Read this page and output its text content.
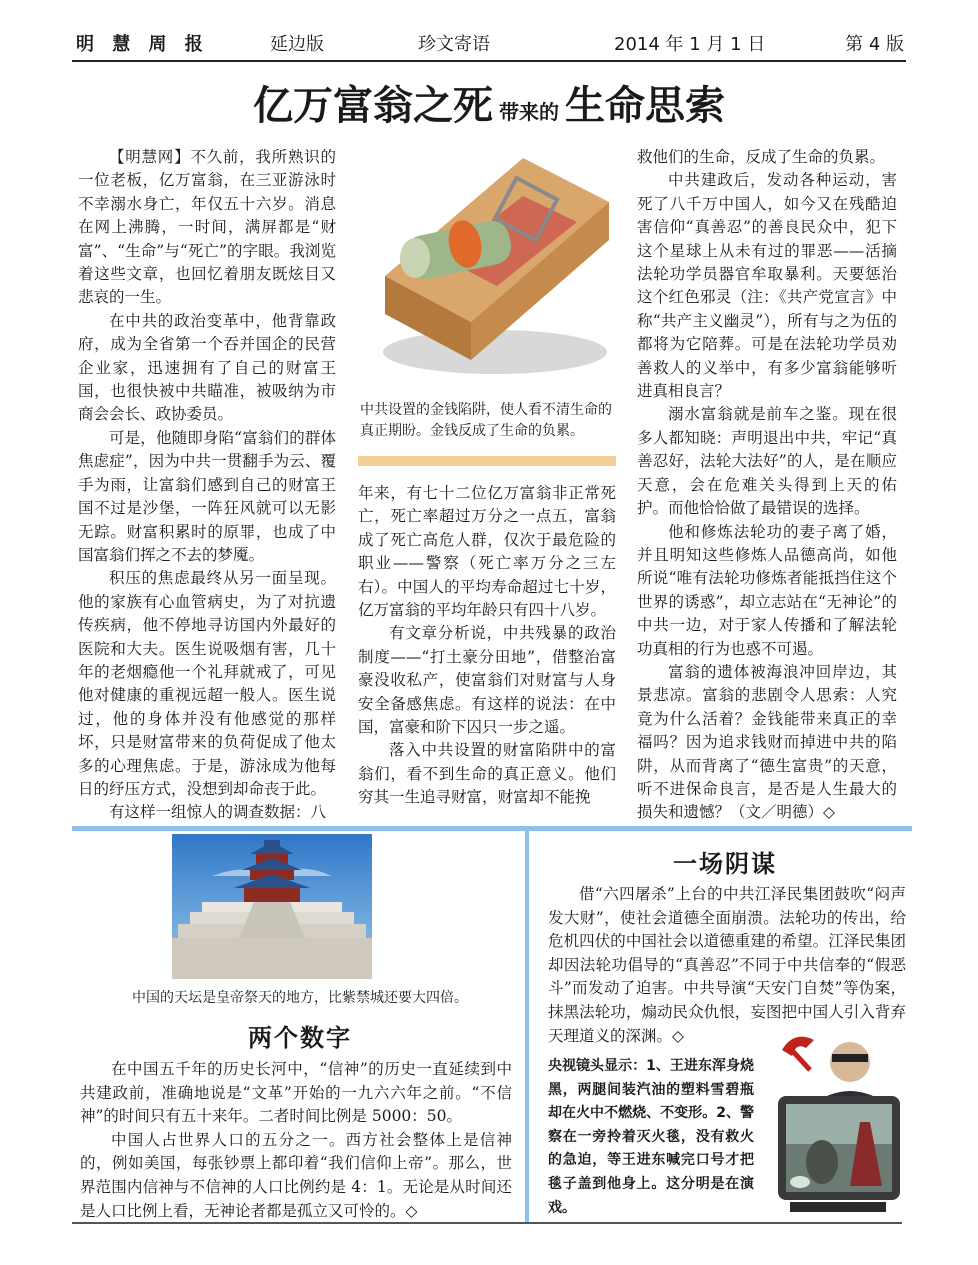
明 慧 周 报	延边版	珍文寄语	2014 年 1 月 1 日	第 4 版
亿万富翁之死 带来的 生命思索

【明慧网】不久前，我所熟识的一位老板，亿万富翁，在三亚游泳时不幸溺水身亡，年仅五十六岁。消息在网上沸腾，一时间，满屏都是“财富”、“生命”与“死亡”的字眼。我浏览着这些文章，也回忆着朋友既炫目又悲哀的一生。

在中共的政治变革中，他背靠政府，成为全省第一个吞并国企的民营企业家，迅速拥有了自己的财富王国，也很快被中共瞄准，被吸纳为市商会会长、政协委员。

可是，他随即身陷“富翁们的群体焦虑症”，因为中共一贯翻手为云、覆手为雨，让富翁们感到自己的财富王国不过是沙堡，一阵狂风就可以无影无踪。财富积累时的原罪，也成了中国富翁们挥之不去的梦魇。

积压的焦虑最终从另一面呈现。他的家族有心血管病史，为了对抗遗传疾病，他不停地寻访国内外最好的医院和大夫。医生说吸烟有害，几十年的老烟瘾他一个礼拜就戒了，可见他对健康的重视远超一般人。医生说过，他的身体并没有他感觉的那样坏，只是财富带来的负荷促成了他太多的心理焦虑。于是，游泳成为他每日的纾压方式，没想到却命丧于此。

有这样一组惊人的调查数据：八

中共设置的金钱陷阱，使人看不清生命的真正期盼。金钱反成了生命的负累。

年来，有七十二位亿万富翁非正常死亡，死亡率超过万分之一点五，富翁成了死亡高危人群，仅次于最危险的职业——警察（死亡率万分之三左右）。中国人的平均寿命超过七十岁，亿万富翁的平均年龄只有四十八岁。

有文章分析说，中共残暴的政治制度——“打土豪分田地”，借整治富豪没收私产，使富翁们对财富与人身安全备感焦虑。有这样的说法：在中国，富豪和阶下囚只一步之遥。

落入中共设置的财富陷阱中的富翁们，看不到生命的真正意义。他们穷其一生追寻财富，财富却不能挽

救他们的生命，反成了生命的负累。

中共建政后，发动各种运动，害死了八千万中国人，如今又在残酷迫害信仰“真善忍”的善良民众中，犯下这个星球上从未有过的罪恶——活摘法轮功学员器官牟取暴利。天要惩治这个红色邪灵（注：《共产党宣言》中称“共产主义幽灵”），所有与之为伍的都将为它陪葬。可是在法轮功学员劝善救人的义举中，有多少富翁能够听进真相良言？

溺水富翁就是前车之鉴。现在很多人都知晓：声明退出中共，牢记“真善忍好，法轮大法好”的人，是在顺应天意，会在危难关头得到上天的佑护。而他恰恰做了最错误的选择。

他和修炼法轮功的妻子离了婚，并且明知这些修炼人品德高尚，如他所说“唯有法轮功修炼者能抵挡住这个世界的诱惑”，却立志站在“无神论”的中共一边，对于家人传播和了解法轮功真相的行为也惑不可遏。

富翁的遗体被海浪冲回岸边，其景悲凉。富翁的悲剧令人思索：人究竟为什么活着？金钱能带来真正的幸福吗？因为追求钱财而掉进中共的陷阱，从而背离了“德生富贵”的天意，听不进保命良言，是否是人生最大的损失和遗憾？（文／明德）◇

中国的天坛是皇帝祭天的地方，比紫禁城还要大四倍。
两个数字

在中国五千年的历史长河中，“信神”的历史一直延续到中共建政前，准确地说是“文革”开始的一九六六年之前。“不信神”的时间只有五十来年。二者时间比例是 5000：50。

中国人占世界人口的五分之一。西方社会整体上是信神的，例如美国，每张钞票上都印着“我们信仰上帝”。那么，世界范围内信神与不信神的人口比例约是 4：1。无论是从时间还是人口比例上看，无神论者都是孤立又可怜的。◇

一场阴谋

借“六四屠杀”上台的中共江泽民集团鼓吹“闷声发大财”，使社会道德全面崩溃。法轮功的传出，给危机四伏的中国社会以道德重建的希望。江泽民集团却因法轮功倡导的“真善忍”不同于中共信奉的“假恶斗”而发动了迫害。中共导演“天安门自焚”等伪案，抹黑法轮功，煽动民众仇恨，妄图把中国人引入背弃天理道义的深渊。◇

央视镜头显示：1、王进东浑身烧黑，两腿间装汽油的塑料雪碧瓶却在火中不燃烧、不变形。2、警察在一旁拎着灭火毯，没有救火的急迫，等王进东喊完口号才把毯子盖到他身上。这分明是在演戏。
